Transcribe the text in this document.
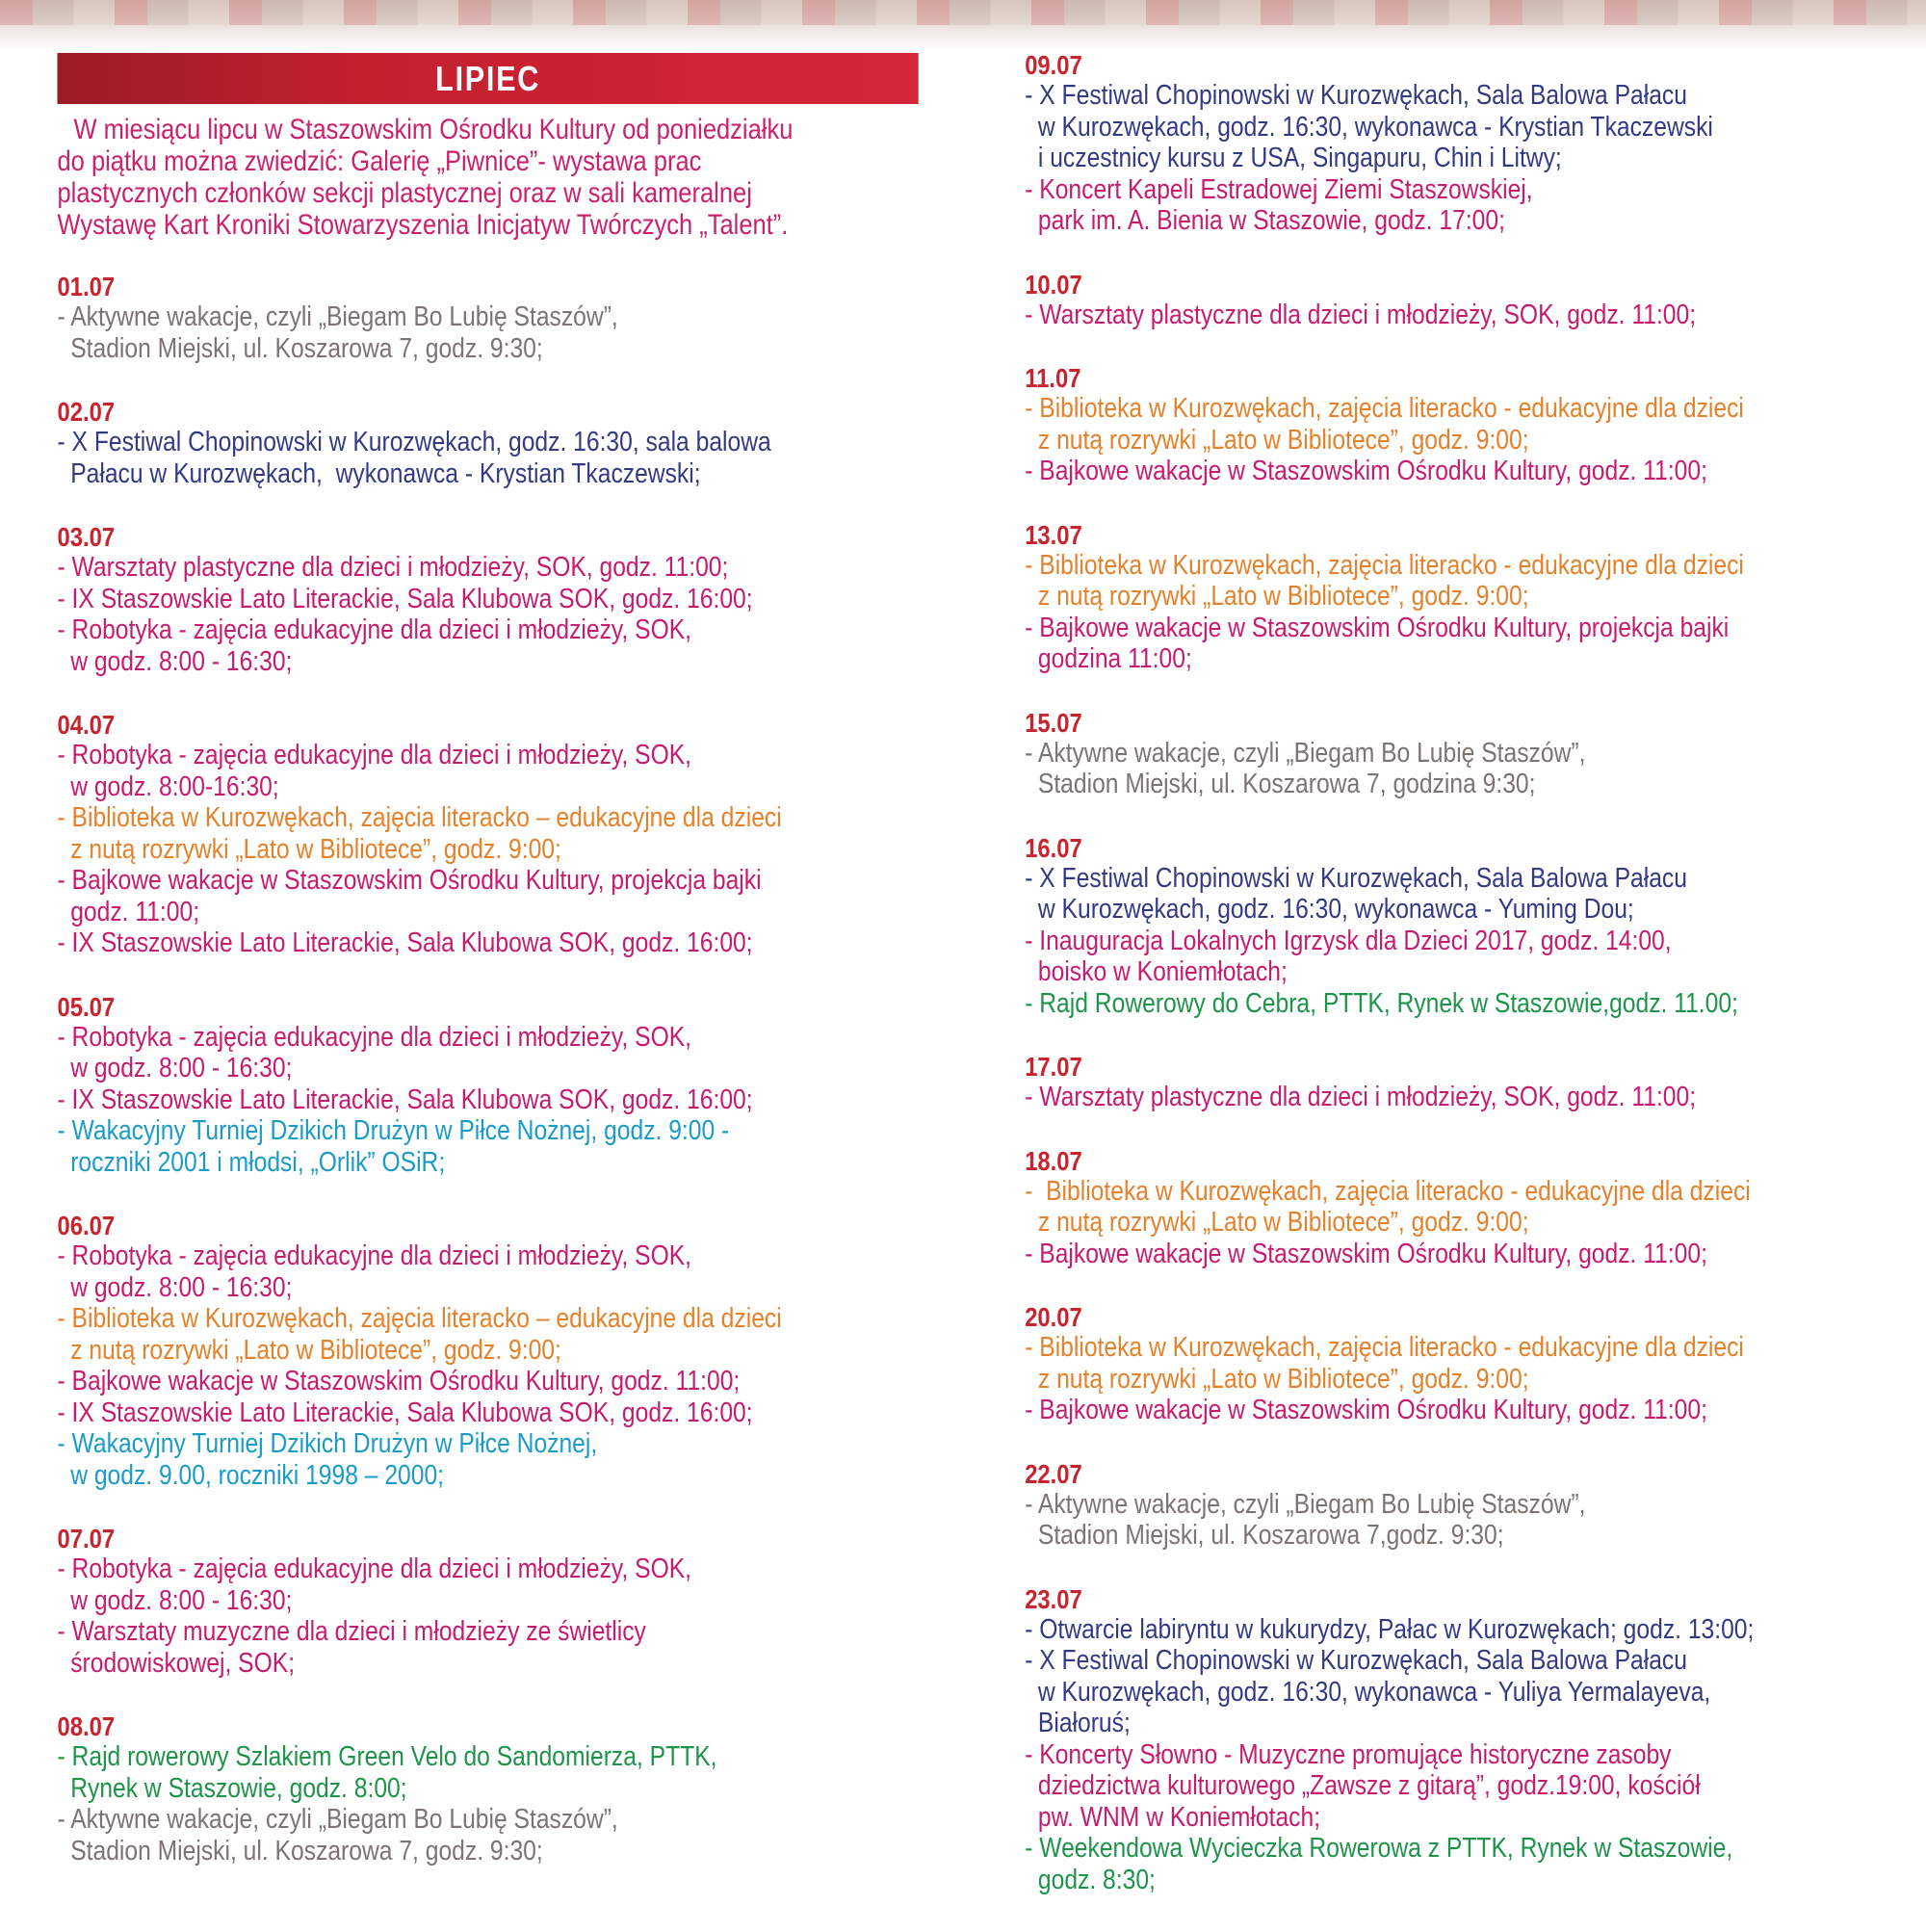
LIPIEC
W miesiącu lipcu w Staszowskim Ośrodku Kultury od poniedziałku
do piątku można zwiedzić: Galerię „Piwnice”- wystawa prac
plastycznych członków sekcji plastycznej oraz w sali kameralnej
Wystawę Kart Kroniki Stowarzyszenia Inicjatyw Twórczych „Talent”.
01.07
- Aktywne wakacje, czyli „Biegam Bo Lubię Staszów”,
Stadion Miejski, ul. Koszarowa 7, godz. 9:30;
02.07
- X Festiwal Chopinowski w Kurozwękach, godz. 16:30, sala balowa
Pałacu w Kurozwękach,  wykonawca - Krystian Tkaczewski;
03.07
- Warsztaty plastyczne dla dzieci i młodzieży, SOK, godz. 11:00;
- IX Staszowskie Lato Literackie, Sala Klubowa SOK, godz. 16:00;
- Robotyka - zajęcia edukacyjne dla dzieci i młodzieży, SOK,
w godz. 8:00 - 16:30;
04.07
- Robotyka - zajęcia edukacyjne dla dzieci i młodzieży, SOK,
w godz. 8:00-16:30;
- Biblioteka w Kurozwękach, zajęcia literacko – edukacyjne dla dzieci
z nutą rozrywki „Lato w Bibliotece”, godz. 9:00;
- Bajkowe wakacje w Staszowskim Ośrodku Kultury, projekcja bajki
godz. 11:00;
- IX Staszowskie Lato Literackie, Sala Klubowa SOK, godz. 16:00;
05.07
- Robotyka - zajęcia edukacyjne dla dzieci i młodzieży, SOK,
w godz. 8:00 - 16:30;
- IX Staszowskie Lato Literackie, Sala Klubowa SOK, godz. 16:00;
- Wakacyjny Turniej Dzikich Drużyn w Piłce Nożnej, godz. 9:00 -
roczniki 2001 i młodsi, „Orlik” OSiR;
06.07
- Robotyka - zajęcia edukacyjne dla dzieci i młodzieży, SOK,
w godz. 8:00 - 16:30;
- Biblioteka w Kurozwękach, zajęcia literacko – edukacyjne dla dzieci
z nutą rozrywki „Lato w Bibliotece”, godz. 9:00;
- Bajkowe wakacje w Staszowskim Ośrodku Kultury, godz. 11:00;
- IX Staszowskie Lato Literackie, Sala Klubowa SOK, godz. 16:00;
- Wakacyjny Turniej Dzikich Drużyn w Piłce Nożnej,
w godz. 9.00, roczniki 1998 – 2000;
07.07
- Robotyka - zajęcia edukacyjne dla dzieci i młodzieży, SOK,
w godz. 8:00 - 16:30;
- Warsztaty muzyczne dla dzieci i młodzieży ze świetlicy
środowiskowej, SOK;
08.07
- Rajd rowerowy Szlakiem Green Velo do Sandomierza, PTTK,
Rynek w Staszowie, godz. 8:00;
- Aktywne wakacje, czyli „Biegam Bo Lubię Staszów”,
Stadion Miejski, ul. Koszarowa 7, godz. 9:30;
09.07
- X Festiwal Chopinowski w Kurozwękach, Sala Balowa Pałacu
w Kurozwękach, godz. 16:30, wykonawca - Krystian Tkaczewski
i uczestnicy kursu z USA, Singapuru, Chin i Litwy;
- Koncert Kapeli Estradowej Ziemi Staszowskiej,
park im. A. Bienia w Staszowie, godz. 17:00;
10.07
- Warsztaty plastyczne dla dzieci i młodzieży, SOK, godz. 11:00;
11.07
- Biblioteka w Kurozwękach, zajęcia literacko - edukacyjne dla dzieci
z nutą rozrywki „Lato w Bibliotece”, godz. 9:00;
- Bajkowe wakacje w Staszowskim Ośrodku Kultury, godz. 11:00;
13.07
- Biblioteka w Kurozwękach, zajęcia literacko - edukacyjne dla dzieci
z nutą rozrywki „Lato w Bibliotece”, godz. 9:00;
- Bajkowe wakacje w Staszowskim Ośrodku Kultury, projekcja bajki
godzina 11:00;
15.07
- Aktywne wakacje, czyli „Biegam Bo Lubię Staszów”,
Stadion Miejski, ul. Koszarowa 7, godzina 9:30;
16.07
- X Festiwal Chopinowski w Kurozwękach, Sala Balowa Pałacu
w Kurozwękach, godz. 16:30, wykonawca - Yuming Dou;
- Inauguracja Lokalnych Igrzysk dla Dzieci 2017, godz. 14:00,
boisko w Koniemłotach;
- Rajd Rowerowy do Cebra, PTTK, Rynek w Staszowie,godz. 11.00;
17.07
- Warsztaty plastyczne dla dzieci i młodzieży, SOK, godz. 11:00;
18.07
-  Biblioteka w Kurozwękach, zajęcia literacko - edukacyjne dla dzieci
z nutą rozrywki „Lato w Bibliotece”, godz. 9:00;
- Bajkowe wakacje w Staszowskim Ośrodku Kultury, godz. 11:00;
20.07
- Biblioteka w Kurozwękach, zajęcia literacko - edukacyjne dla dzieci
z nutą rozrywki „Lato w Bibliotece”, godz. 9:00;
- Bajkowe wakacje w Staszowskim Ośrodku Kultury, godz. 11:00;
22.07
- Aktywne wakacje, czyli „Biegam Bo Lubię Staszów”,
Stadion Miejski, ul. Koszarowa 7,godz. 9:30;
23.07
- Otwarcie labiryntu w kukurydzy, Pałac w Kurozwękach; godz. 13:00;
- X Festiwal Chopinowski w Kurozwękach, Sala Balowa Pałacu
w Kurozwękach, godz. 16:30, wykonawca - Yuliya Yermalayeva,
Białoruś;
- Koncerty Słowno - Muzyczne promujące historyczne zasoby
dziedzictwa kulturowego „Zawsze z gitarą”, godz.19:00, kościół
pw. WNM w Koniemłotach;
- Weekendowa Wycieczka Rowerowa z PTTK, Rynek w Staszowie,
godz. 8:30;
